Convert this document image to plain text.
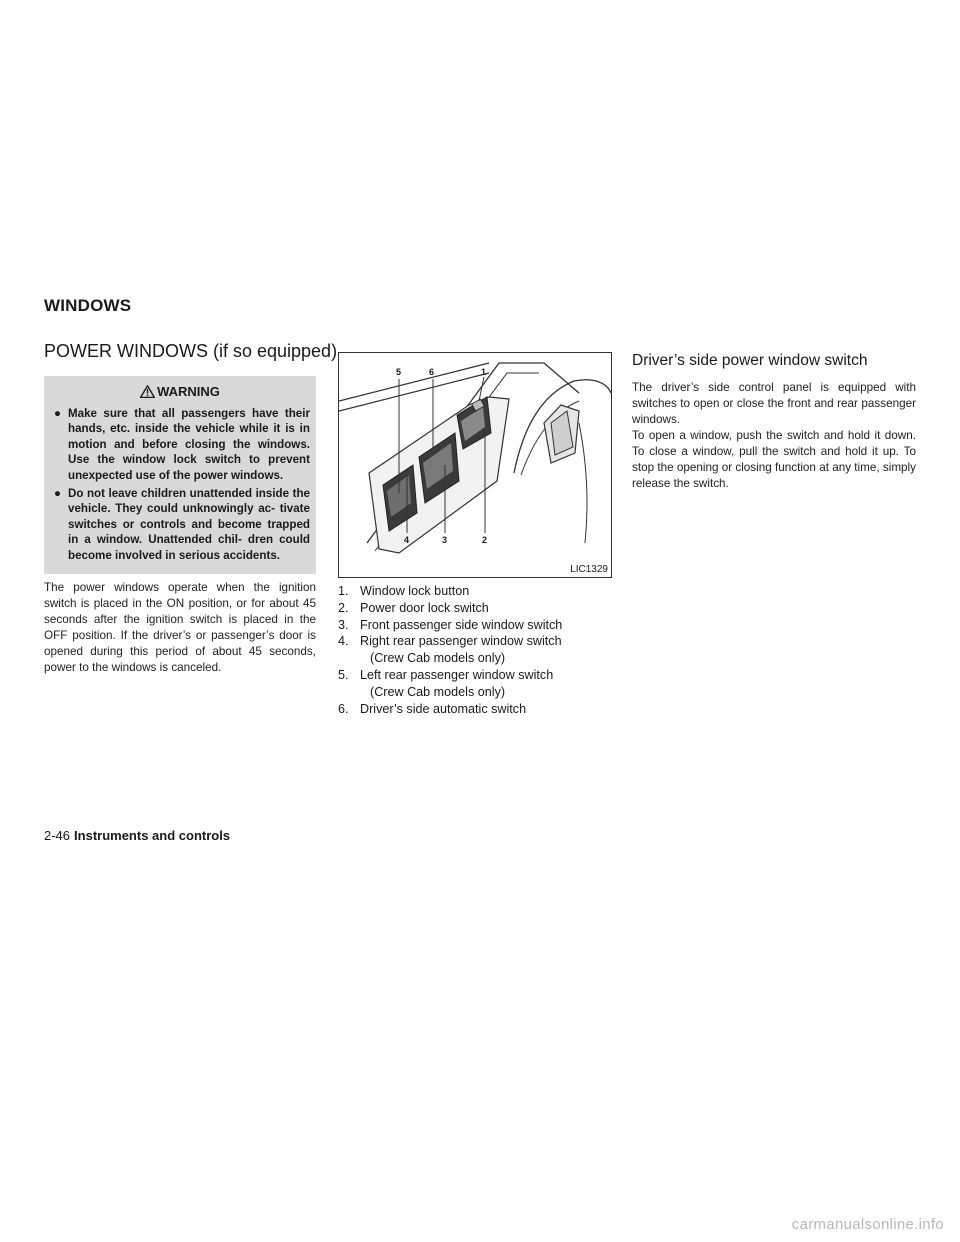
WINDOWS
POWER WINDOWS (if so equipped)
WARNING
● Make sure that all passengers have their hands, etc. inside the vehicle while it is in motion and before closing the windows. Use the window lock switch to prevent unexpected use of the power windows.
● Do not leave children unattended inside the vehicle. They could unknowingly ac- tivate switches or controls and become trapped in a window. Unattended chil- dren could become involved in serious accidents.
The power windows operate when the ignition switch is placed in the ON position, or for about 45 seconds after the ignition switch is placed in the OFF position. If the driver’s or passenger’s door is opened during this period of about 45 seconds, power to the windows is canceled.
5	6	1
4	3	2
LIC1329
1. Window lock button
2. Power door lock switch
3. Front passenger side window switch
4. Right rear passenger window switch
(Crew Cab models only)
5. Left rear passenger window switch
(Crew Cab models only)
6. Driver’s side automatic switch
Driver’s side power window switch
The driver’s side control panel is equipped with switches to open or close the front and rear passenger windows.
To open a window, push the switch and hold it down. To close a window, pull the switch and hold it up. To stop the opening or closing function at any time, simply release the switch.
2-46 Instruments and controls
carmanualsonline.info
